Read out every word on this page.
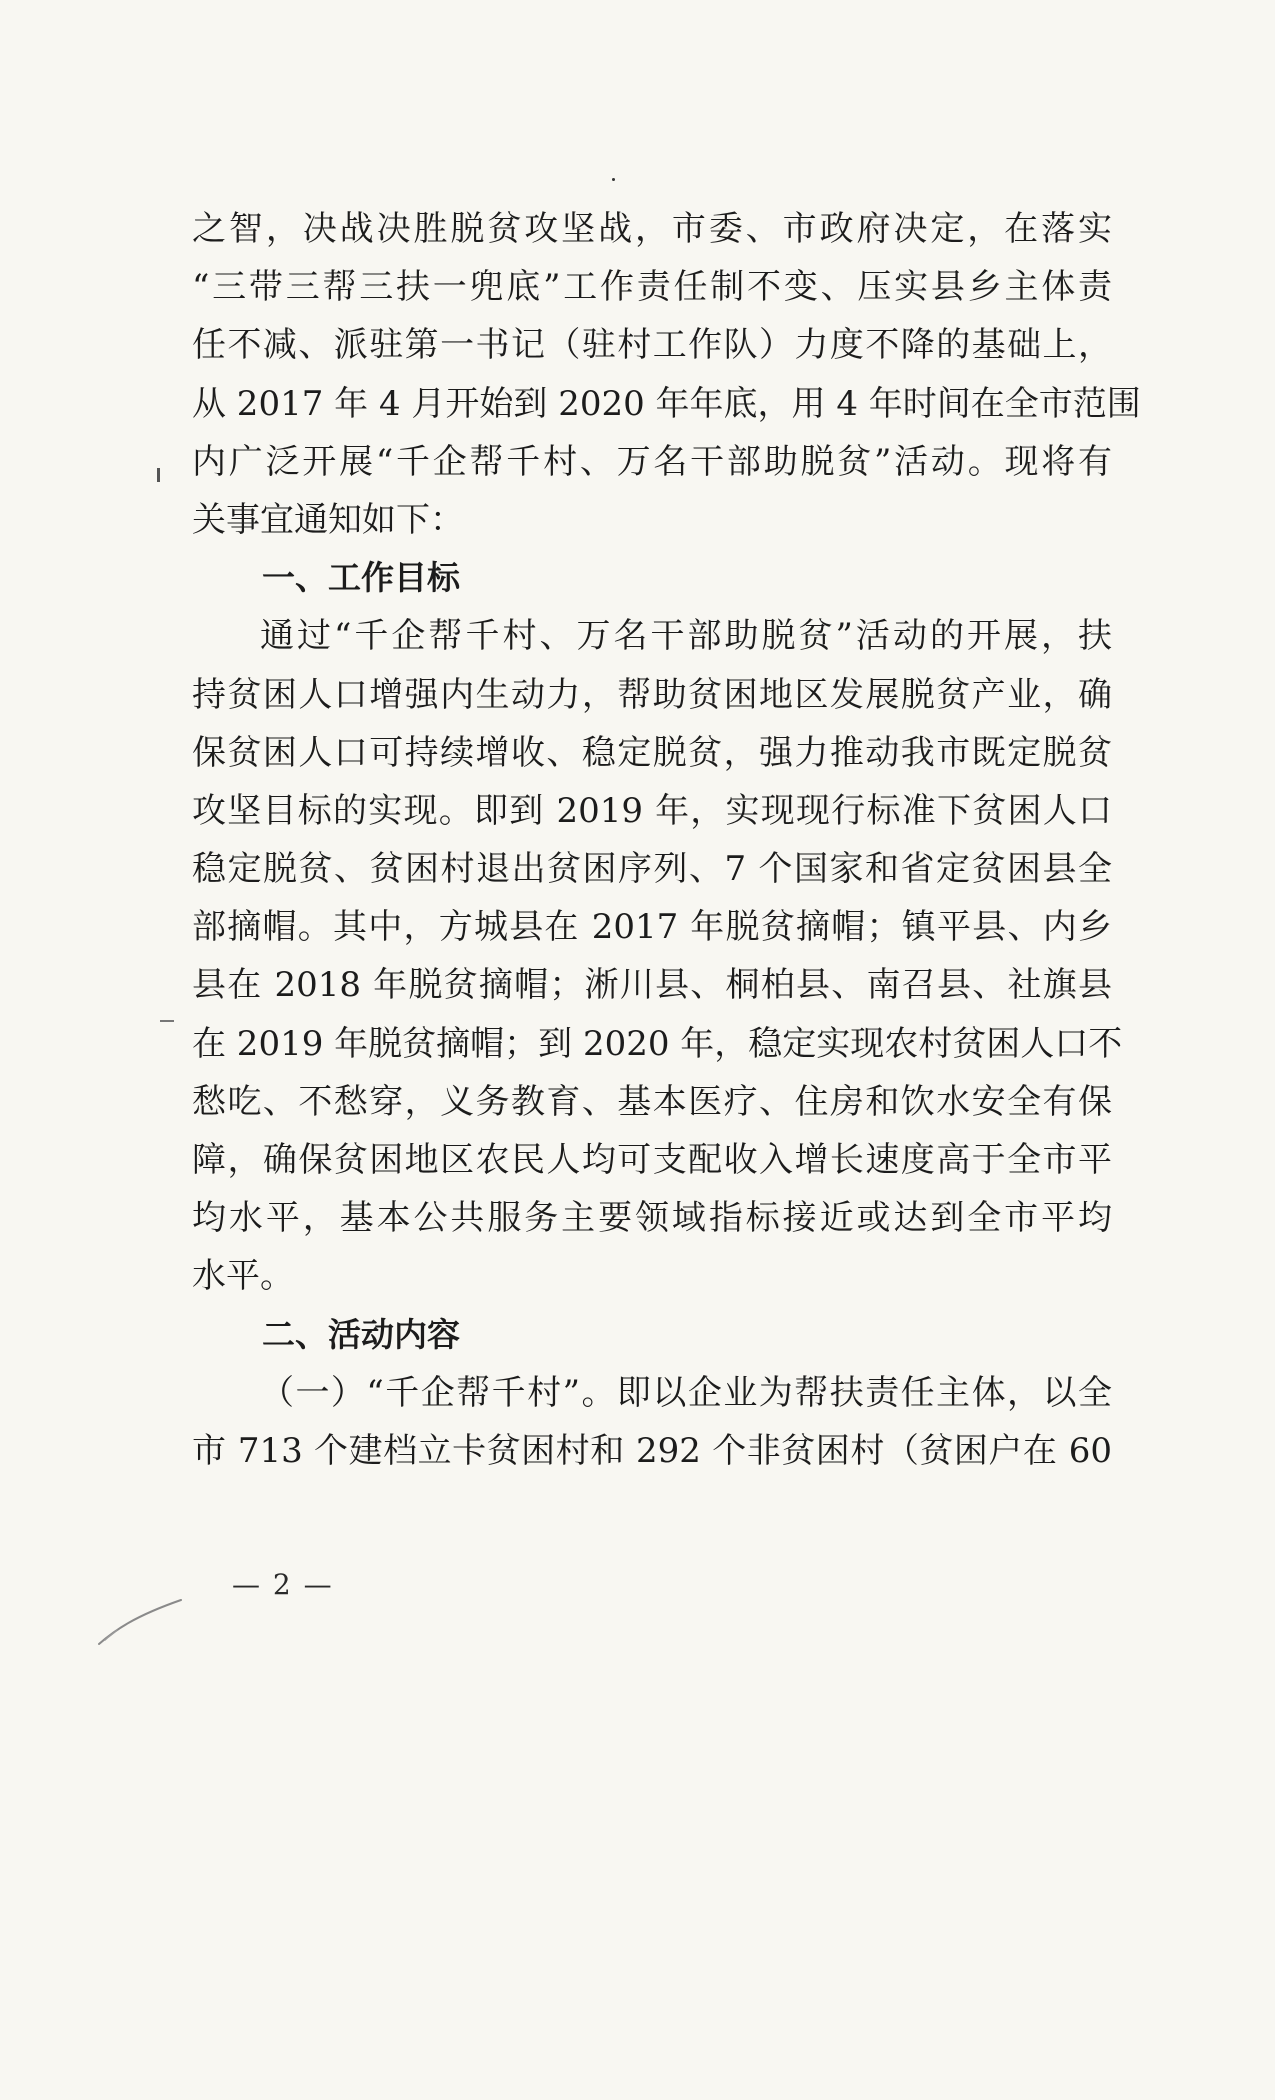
之智，决战决胜脱贫攻坚战，市委、市政府决定，在落实
“三带三帮三扶一兜底”工作责任制不变、压实县乡主体责
任不减、派驻第一书记（驻村工作队）力度不降的基础上，
从 2017 年 4 月开始到 2020 年年底，用 4 年时间在全市范围
内广泛开展“千企帮千村、万名干部助脱贫”活动。现将有
关事宜通知如下：
一、工作目标
通过“千企帮千村、万名干部助脱贫”活动的开展，扶
持贫困人口增强内生动力，帮助贫困地区发展脱贫产业，确
保贫困人口可持续增收、稳定脱贫，强力推动我市既定脱贫
攻坚目标的实现。即到 2019 年，实现现行标准下贫困人口
稳定脱贫、贫困村退出贫困序列、7 个国家和省定贫困县全
部摘帽。其中，方城县在 2017 年脱贫摘帽；镇平县、内乡
县在 2018 年脱贫摘帽；淅川县、桐柏县、南召县、社旗县
在 2019 年脱贫摘帽；到 2020 年，稳定实现农村贫困人口不
愁吃、不愁穿，义务教育、基本医疗、住房和饮水安全有保
障，确保贫困地区农民人均可支配收入增长速度高于全市平
均水平，基本公共服务主要领域指标接近或达到全市平均
水平。
二、活动内容
（一）“千企帮千村”。即以企业为帮扶责任主体，以全
市 713 个建档立卡贫困村和 292 个非贫困村（贫困户在 60
— 2 —
